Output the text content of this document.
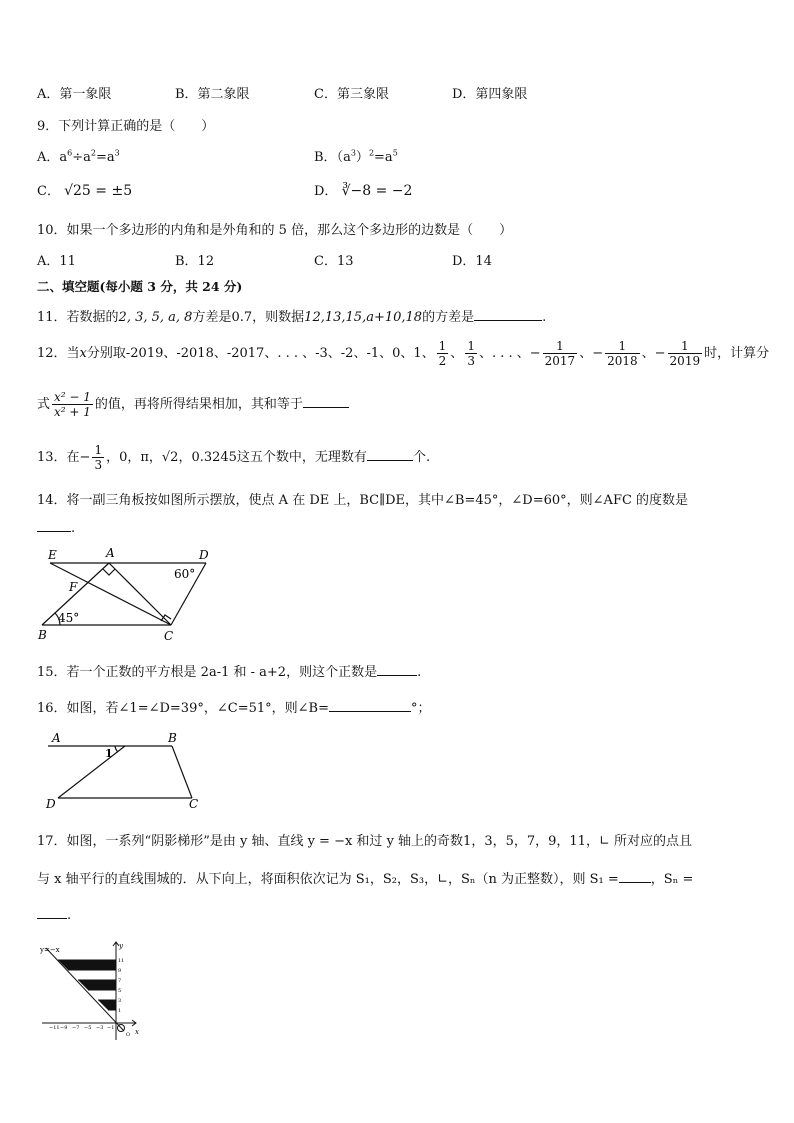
A．第一象限	B．第二象限	C．第三象限	D．第四象限
9．下列计算正确的是（　　）
A．$a^6\div a^2=a^3$	B．$(a^3)^2=a^5$
C． √25 = ±5	D． ∛−8 = −2
10．如果一个多边形的内角和是外角和的 5 倍，那么这个多边形的边数是（　　）
A．11	B．12	C．13	D．14
二、填空题(每小题 3 分，共 24 分)
11．若数据的2, 3, 5, a, 8方差是0.7，则数据12,13,15,a+10,18的方差是	.
12．当x分别取-2019、-2018、-2017、. . . 、-3、-2、-1、0、1、 $\frac{1}{2}$ 、 $\frac{1}{3}$ 、. . . 、− $\frac{1}{2017}$ 、− $\frac{1}{2018}$ 、− $\frac{1}{2019}$ 时，计算分
式 $\frac{\text{x² − 1}}{\text{x² + 1}}$ 的值，再将所得结果相加，其和等于
13．在− $\frac{1}{3}$ ，0，π，√2，0.3245这五个数中，无理数有	个.
14．将一副三角板按如图所示摆放，使点 A 在 DE 上，BC∥DE，其中∠B=45°，∠D=60°，则∠AFC 的度数是
.
E	A	D
F
B	C
60°
45°
15．若一个正数的平方根是 2a-1 和 - a+2，则这个正数是	.
16．如图，若∠1=∠D=39°，∠C=51°，则∠B=	°；
A	B
D	C
1
17．如图，一系列“阴影梯形”是由 y 轴、直线 y = −x 和过 y 轴上的奇数1，3，5，7，9，11，∟ 所对应的点且
与 x 轴平行的直线围城的．从下向上，将面积依次记为 S₁，S₂，S₃，∟，Sₙ（n 为正整数），则 S₁ = ，Sₙ =
.
y=−x	y
x
O
11
9
7
5
3
1
−11 −9 −7 −5 −3 −1
